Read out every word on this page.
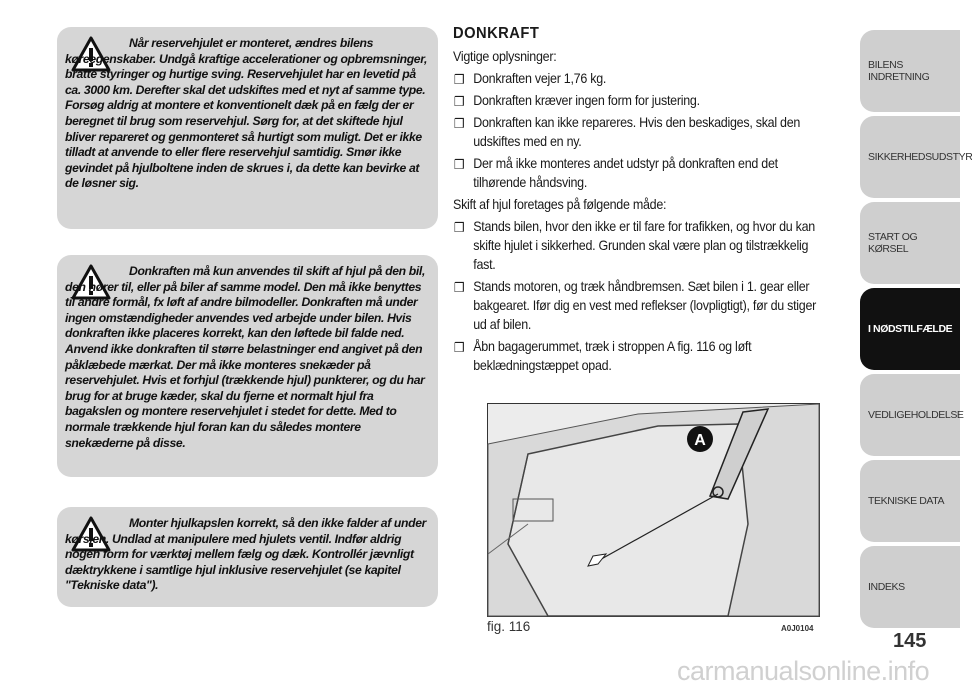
Når reservehjulet er monteret, ændres bilens køreegenskaber. Undgå kraftige accelerationer og opbremsninger, bratte styringer og hurtige sving. Reservehjulet har en levetid på ca. 3000 km. Derefter skal det udskiftes med et nyt af samme type. Forsøg aldrig at montere et konventionelt dæk på en fælg der er beregnet til brug som reservehjul. Sørg for, at det skiftede hjul bliver repareret og genmonteret så hurtigt som muligt. Det er ikke tilladt at anvende to eller flere reservehjul samtidig. Smør ikke gevindet på hjulboltene inden de skrues i, da dette kan bevirke at de løsner sig.
Donkraften må kun anvendes til skift af hjul på den bil, den hører til, eller på biler af samme model. Den må ikke benyttes til andre formål, fx løft af andre bilmodeller. Donkraften må under ingen omstændigheder anvendes ved arbejde under bilen. Hvis donkraften ikke placeres korrekt, kan den løftede bil falde ned. Anvend ikke donkraften til større belastninger end angivet på den påklæbede mærkat. Der må ikke monteres snekæder på reservehjulet. Hvis et forhjul (trækkende hjul) punkterer, og du har brug for at bruge kæder, skal du fjerne et normalt hjul fra bagakslen og montere reservehjulet i stedet for dette. Med to normale trækkende hjul foran kan du således montere snekæderne på disse.
Monter hjulkapslen korrekt, så den ikke falder af under kørslen. Undlad at manipulere med hjulets ventil. Indfør aldrig nogen form for værktøj mellem fælg og dæk. Kontrollér jævnligt dæktrykkene i samtlige hjul inklusive reservehjulet (se kapitel "Tekniske data").
DONKRAFT

Vigtige oplysninger:

❒ Donkraften vejer 1,76 kg.
❒ Donkraften kræver ingen form for justering.
❒ Donkraften kan ikke repareres. Hvis den beskadiges, skal den udskiftes med en ny.
❒ Der må ikke monteres andet udstyr på donkraften end det tilhørende håndsving.

Skift af hjul foretages på følgende måde:

❒ Stands bilen, hvor den ikke er til fare for trafikken, og hvor du kan skifte hjulet i sikkerhed. Grunden skal være plan og tilstrækkelig fast.
❒ Stands motoren, og træk håndbremsen. Sæt bilen i 1. gear eller bakgearet. Ifør dig en vest med reflekser (lovpligtigt), før du stiger ud af bilen.
❒ Åbn bagagerummet, træk i stroppen A fig. 116 og løft beklædningstæppet opad.
A
fig. 116	A0J0104
BILENS INDRETNING
SIKKERHEDSUDSTYR
START OG KØRSEL
I NØDSTILFÆLDE
VEDLIGEHOLDELSE
TEKNISKE DATA
INDEKS
145
carmanualsonline.info
